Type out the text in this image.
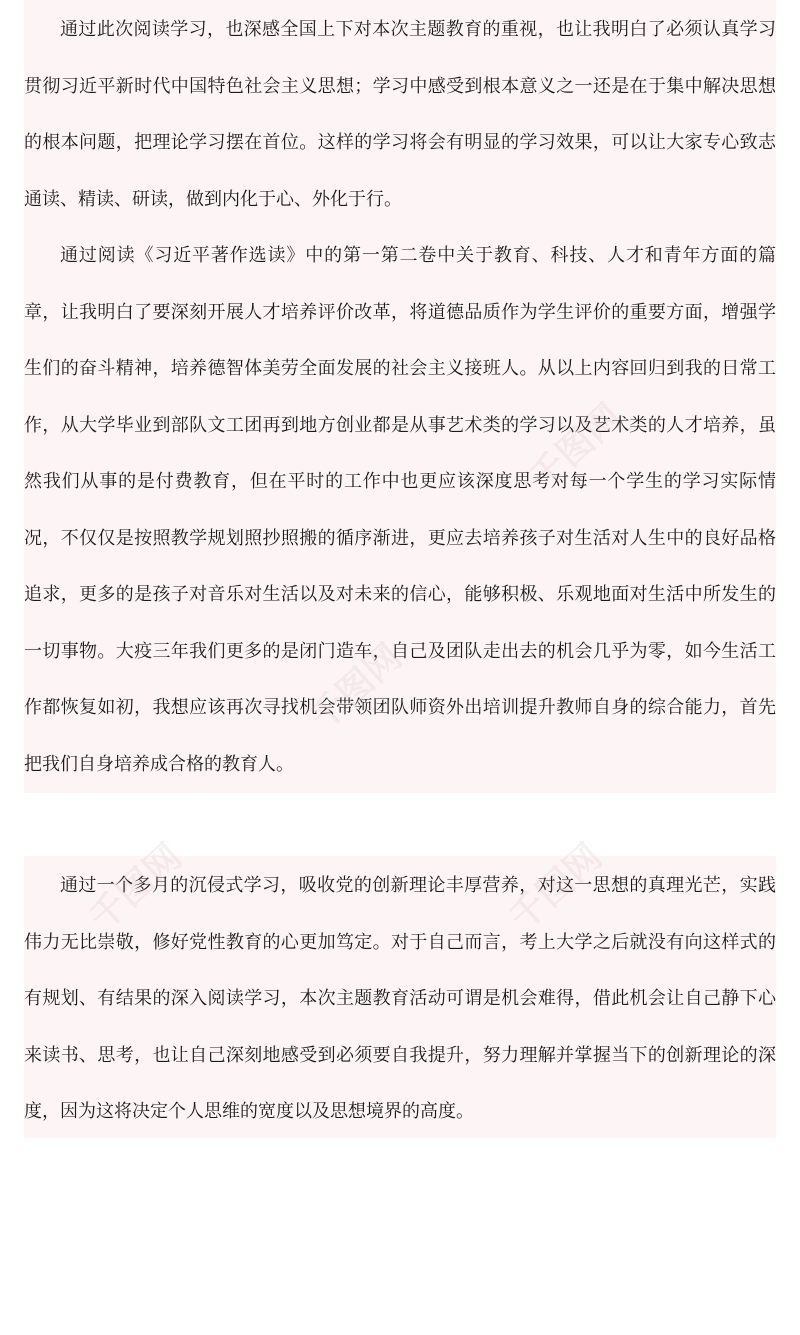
通过此次阅读学习，也深感全国上下对本次主题教育的重视，也让我明白了必须认真学习贯彻习近平新时代中国特色社会主义思想；学习中感受到根本意义之一还是在于集中解决思想的根本问题，把理论学习摆在首位。这样的学习将会有明显的学习效果，可以让大家专心致志通读、精读、研读，做到内化于心、外化于行。

通过阅读《习近平著作选读》中的第一第二卷中关于教育、科技、人才和青年方面的篇章，让我明白了要深刻开展人才培养评价改革，将道德品质作为学生评价的重要方面，增强学生们的奋斗精神，培养德智体美劳全面发展的社会主义接班人。从以上内容回归到我的日常工作，从大学毕业到部队文工团再到地方创业都是从事艺术类的学习以及艺术类的人才培养，虽然我们从事的是付费教育，但在平时的工作中也更应该深度思考对每一个学生的学习实际情况，不仅仅是按照教学规划照抄照搬的循序渐进，更应去培养孩子对生活对人生中的良好品格追求，更多的是孩子对音乐对生活以及对未来的信心，能够积极、乐观地面对生活中所发生的一切事物。大疫三年我们更多的是闭门造车，自己及团队走出去的机会几乎为零，如今生活工作都恢复如初，我想应该再次寻找机会带领团队师资外出培训提升教师自身的综合能力，首先把我们自身培养成合格的教育人。

通过一个多月的沉侵式学习，吸收党的创新理论丰厚营养，对这一思想的真理光芒，实践伟力无比崇敬，修好党性教育的心更加笃定。对于自己而言，考上大学之后就没有向这样式的有规划、有结果的深入阅读学习，本次主题教育活动可谓是机会难得，借此机会让自己静下心来读书、思考，也让自己深刻地感受到必须要自我提升，努力理解并掌握当下的创新理论的深度，因为这将决定个人思维的宽度以及思想境界的高度。
